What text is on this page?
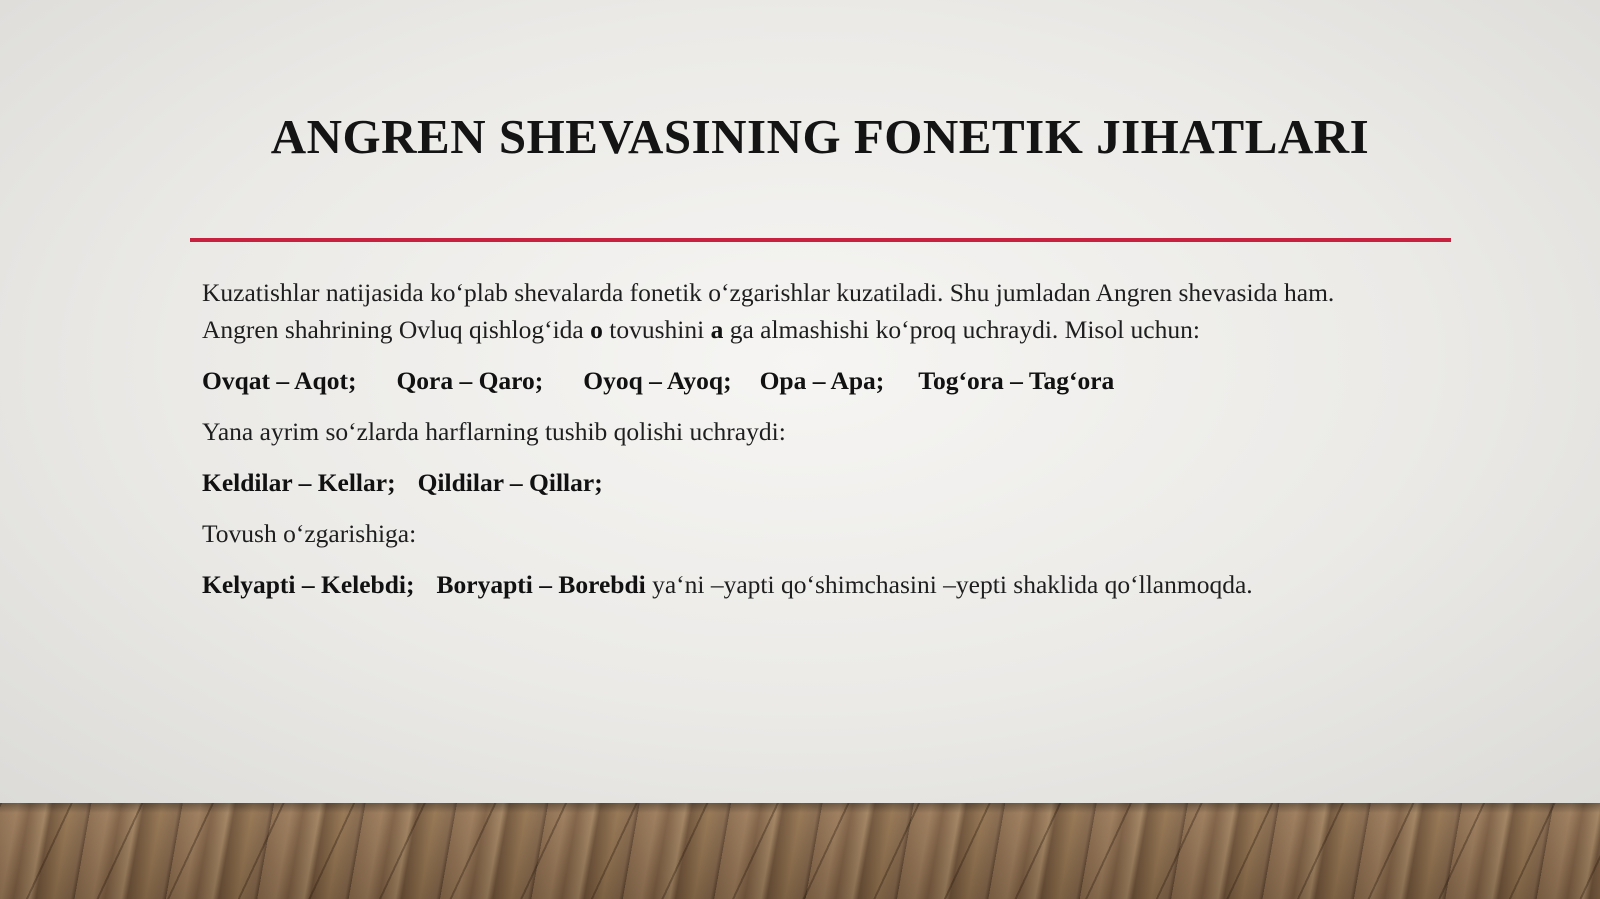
ANGREN SHEVASINING FONETIK JIHATLARI

Kuzatishlar natijasida ko‘plab shevalarda fonetik o‘zgarishlar kuzatiladi. Shu jumladan Angren shevasida ham. Angren shahrining Ovluq qishlog‘ida o tovushini a ga almashishi ko‘proq uchraydi. Misol uchun:

Ovqat – Aqot; Qora – Qaro; Oyoq – Ayoq; Opa – Apa; Tog‘ora – Tag‘ora

Yana ayrim so‘zlarda harflarning tushib qolishi uchraydi:

Keldilar – Kellar; Qildilar – Qillar;

Tovush o‘zgarishiga:

Kelyapti – Kelebdi; Boryapti – Borebdi ya‘ni –yapti qo‘shimchasini –yepti shaklida qo‘llanmoqda.
